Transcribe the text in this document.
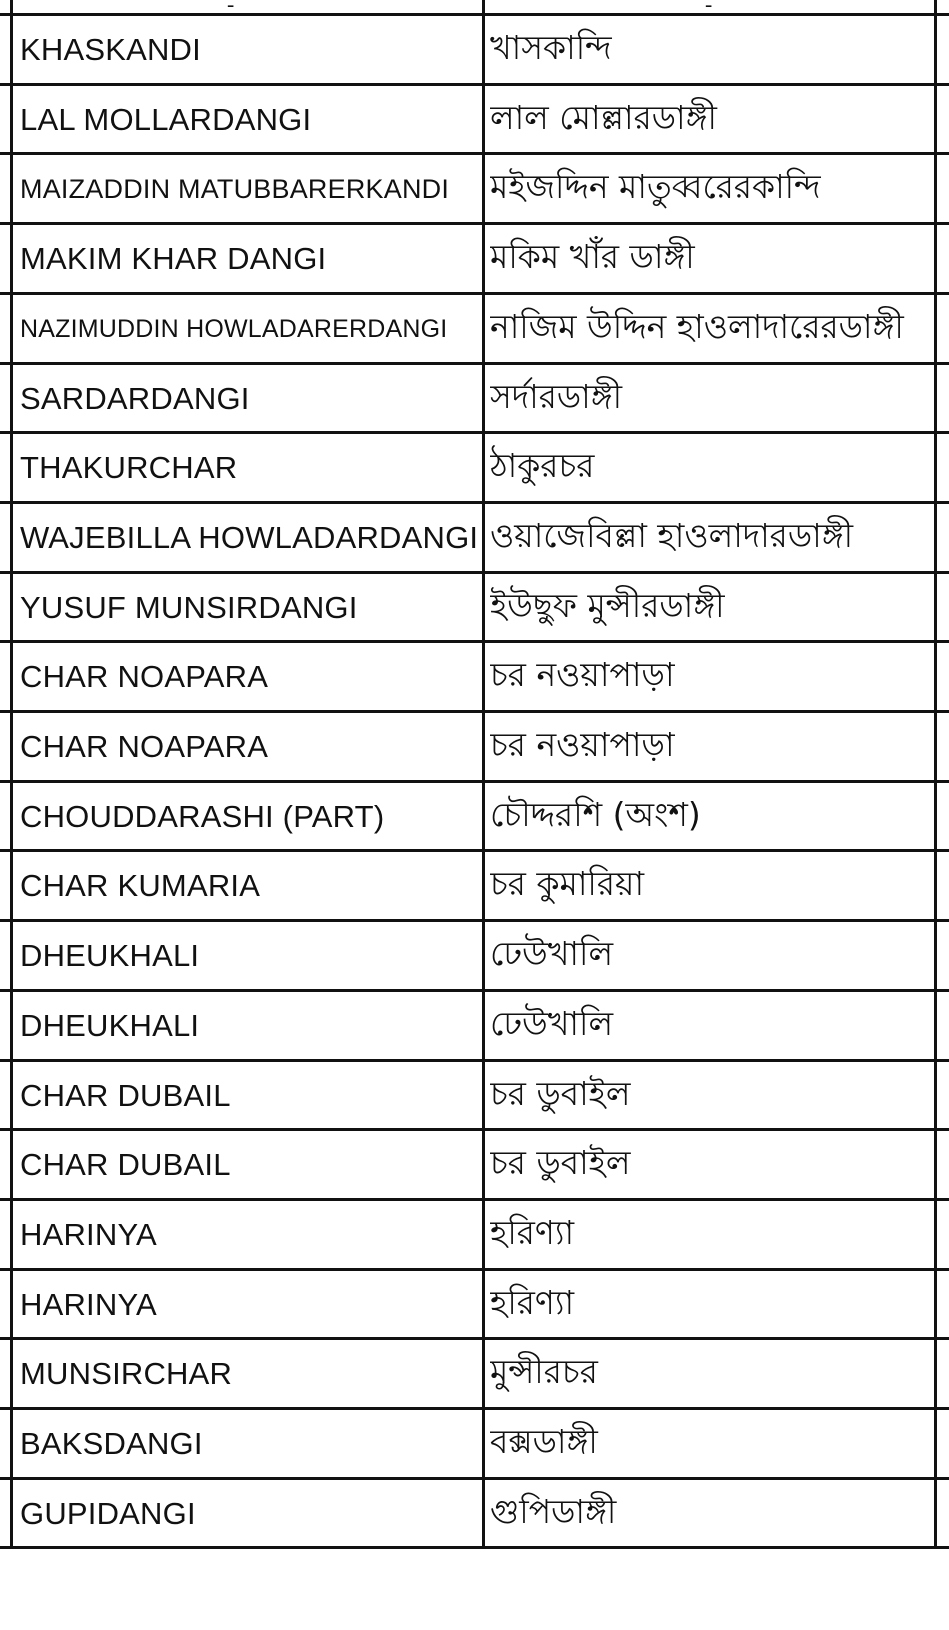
ـ	ـ
KHASKANDI	খাসকান্দি
LAL MOLLARDANGI	লাল মোল্লারডাঙ্গী
MAIZADDIN MATUBBARERKANDI	মইজদ্দিন মাতুব্বরেরকান্দি
MAKIM KHAR DANGI	মকিম খাঁর ডাঙ্গী
NAZIMUDDIN HOWLADARERDANGI	নাজিম উদ্দিন হাওলাদারেরডাঙ্গী
SARDARDANGI	সর্দারডাঙ্গী
THAKURCHAR	ঠাকুরচর
WAJEBILLA HOWLADARDANGI ওয়াজেবিল্লা হাওলাদারডাঙ্গী
YUSUF MUNSIRDANGI	ইউছুফ মুন্সীরডাঙ্গী
CHAR NOAPARA	চর নওয়াপাড়া
CHAR NOAPARA	চর নওয়াপাড়া
CHOUDDARASHI (PART)	চৌদ্দরশি (অংশ)
CHAR KUMARIA	চর কুমারিয়া
DHEUKHALI	ঢেউখালি
DHEUKHALI	ঢেউখালি
CHAR DUBAIL	চর ডুবাইল
CHAR DUBAIL	চর ডুবাইল
HARINYA	হরিণ্যা
HARINYA	হরিণ্যা
MUNSIRCHAR	মুন্সীরচর
BAKSDANGI	বক্সডাঙ্গী
GUPIDANGI	গুপিডাঙ্গী
